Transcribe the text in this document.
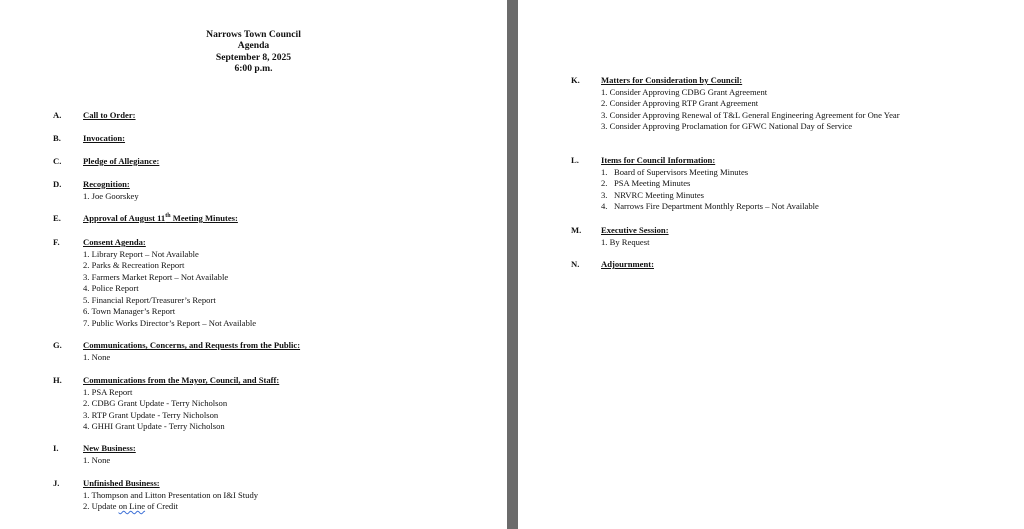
Narrows Town Council
Agenda
September 8, 2025
6:00 p.m.
A.	Call to Order:
B.	Invocation:
C.	Pledge of Allegiance:
D.	Recognition:
1. Joe Goorskey
E.	Approval of August 11th Meeting Minutes:
F.	Consent Agenda:
1. Library Report – Not Available
2. Parks & Recreation Report
3. Farmers Market Report – Not Available
4. Police Report
5. Financial Report/Treasurer’s Report
6. Town Manager’s Report
7. Public Works Director’s Report – Not Available
G. Communications, Concerns, and Requests from the Public:
1. None
H. Communications from the Mayor, Council, and Staff:
1. PSA Report
2. CDBG Grant Update - Terry Nicholson
3. RTP Grant Update - Terry Nicholson
4. GHHI Grant Update - Terry Nicholson
I.	New Business:
1. None
J.	Unfinished Business:
1. Thompson and Litton Presentation on I&I Study
2. Update on Line of Credit
K. Matters for Consideration by Council:
1. Consider Approving CDBG Grant Agreement
2. Consider Approving RTP Grant Agreement
3. Consider Approving Renewal of T&L General Engineering Agreement for One Year
3. Consider Approving Proclamation for GFWC National Day of Service
L.	Items for Council Information:
1. Board of Supervisors Meeting Minutes
2. PSA Meeting Minutes
3. NRVRC Meeting Minutes
4. Narrows Fire Department Monthly Reports – Not Available
M. Executive Session:
1. By Request
N.	Adjournment:
